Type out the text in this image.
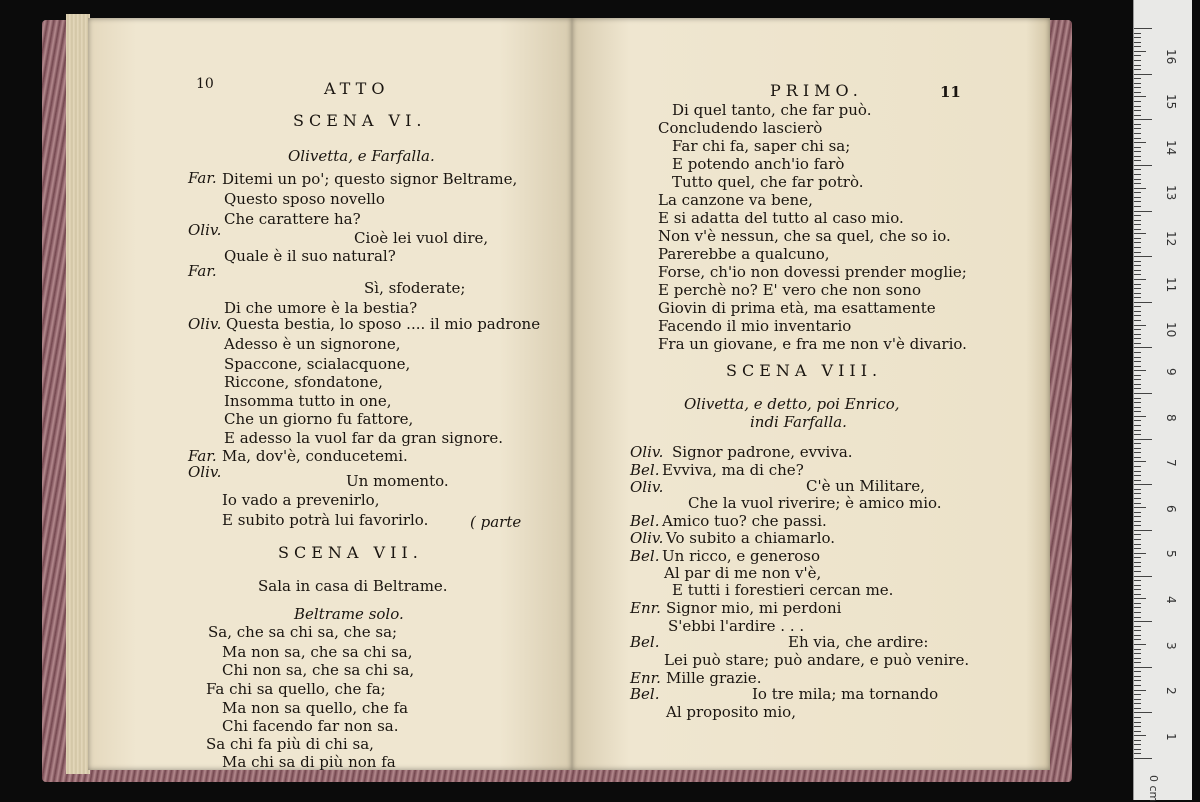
10	ATTO
SCENA VI.
Olivetta, e Farfalla.
Far. Ditemi un po'; questo signor Beltrame,
Questo sposo novello
Che carattere ha?
Oliv.	Cioè lei vuol dire,
Quale è il suo natural?
Far.
Sì, sfoderate;
Di che umore è la bestia?
Oliv. Questa bestia, lo sposo .... il mio padrone
Adesso è un signorone,
Spaccone, scialacquone,
Riccone, sfondatone,
Insomma tutto in one,
Che un giorno fu fattore,
E adesso la vuol far da gran signore.
Far. Ma, dov'è, conducetemi.
Oliv.	Un momento.
Io vado a prevenirlo,
E subito potrà lui favorirlo.	( parte
SCENA VII.
Sala in casa di Beltrame.
Beltrame solo.
Sa, che sa chi sa, che sa;
Ma non sa, che sa chi sa,
Chi non sa, che sa chi sa,
Fa chi sa quello, che fa;
Ma non sa quello, che fa
Chi facendo far non sa.
Sa chi fa più di chi sa,
Ma chi sa di più non fa
PRIMO.	11
Di quel tanto, che far può.
Concludendo lascierò
Far chi fa, saper chi sa;
E potendo anch'io farò
Tutto quel, che far potrò.
La canzone va bene,
E si adatta del tutto al caso mio.
Non v'è nessun, che sa quel, che so io.
Parerebbe a qualcuno,
Forse, ch'io non dovessi prender moglie;
E perchè no? E' vero che non sono
Giovin di prima età, ma esattamente
Facendo il mio inventario
Fra un giovane, e fra me non v'è divario.
SCENA VIII.
Olivetta, e detto, poi Enrico,
indi Farfalla.
Oliv. Signor padrone, evviva.
Bel. Evviva, ma di che?
Oliv.	C'è un Militare,
Che la vuol riverire; è amico mio.
Bel. Amico tuo? che passi.
Oliv. Vo subito a chiamarlo.
Bel. Un ricco, e generoso
Al par di me non v'è,
E tutti i forestieri cercan me.
Enr. Signor mio, mi perdoni
S'ebbi l'ardire . . .
Bel.	Eh via, che ardire:
Lei può stare; può andare, e può venire.
Enr. Mille grazie.
Bel.	Io tre mila; ma tornando
Al proposito mio,
0 cm
16
15
14
13
12
11
10
9
8
7
6
5
4
3
2
1
